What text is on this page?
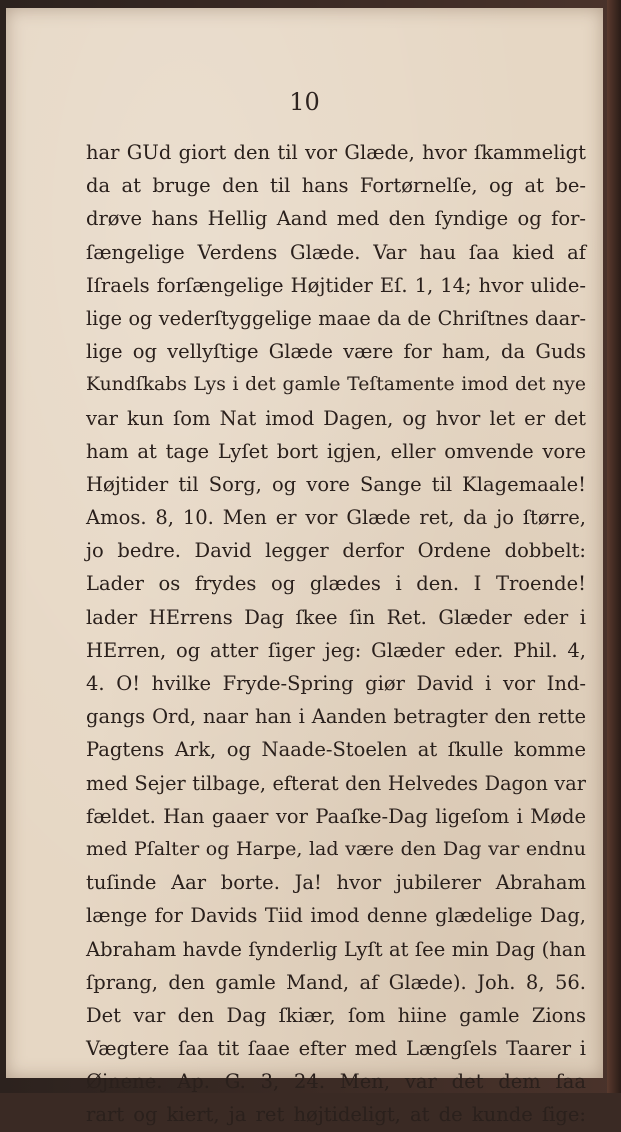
10
har GUd giort den til vor Glæde, hvor ſkammeligt
da at bruge den til hans Fortørnelſe, og at be-
drøve hans Hellig Aand med den ſyndige og for-
ſængelige Verdens Glæde. Var hau ſaa kied af
Iſraels forſængelige Højtider Eſ. 1, 14; hvor ulide-
lige og vederſtyggelige maae da de Chriſtnes daar-
lige og vellyſtige Glæde være for ham, da Guds
Kundſkabs Lys i det gamle Teſtamente imod det nye
var kun ſom Nat imod Dagen, og hvor let er det
ham at tage Lyſet bort igjen, eller omvende vore
Højtider til Sorg, og vore Sange til Klagemaale!
Amos. 8, 10. Men er vor Glæde ret, da jo ſtørre,
jo bedre. David legger derfor Ordene dobbelt:
Lader os frydes og glædes i den. I Troende!
lader HErrens Dag ſkee ſin Ret. Glæder eder i
HErren, og atter ſiger jeg: Glæder eder. Phil. 4,
4. O! hvilke Fryde-Spring giør David i vor Ind-
gangs Ord, naar han i Aanden betragter den rette
Pagtens Ark, og Naade-Stoelen at ſkulle komme
med Sejer tilbage, efterat den Helvedes Dagon var
fældet. Han gaaer vor Paaſke-Dag ligeſom i Møde
med Pſalter og Harpe, lad være den Dag var endnu
tuſinde Aar borte. Ja! hvor jubilerer Abraham
længe for Davids Tiid imod denne glædelige Dag,
Abraham havde ſynderlig Lyſt at ſee min Dag (han
ſprang, den gamle Mand, af Glæde). Joh. 8, 56.
Det var den Dag ſkiær, ſom hiine gamle Zions
Vægtere ſaa tit ſaae efter med Længſels Taarer i
Øjnene. Ap. G. 3, 24. Men, var det dem ſaa
rart og kiert, ja ret højtideligt, at de kunde ſige:
